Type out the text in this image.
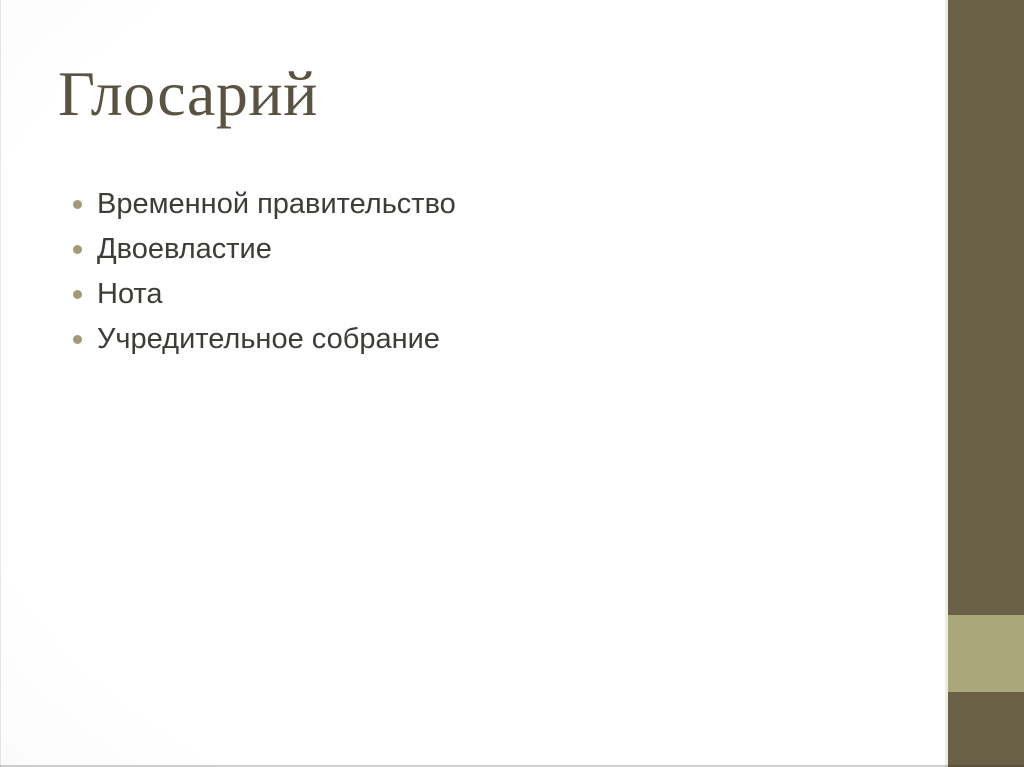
Глосарий
Временной правительство
Двоевластие
Нота
Учредительное собрание
